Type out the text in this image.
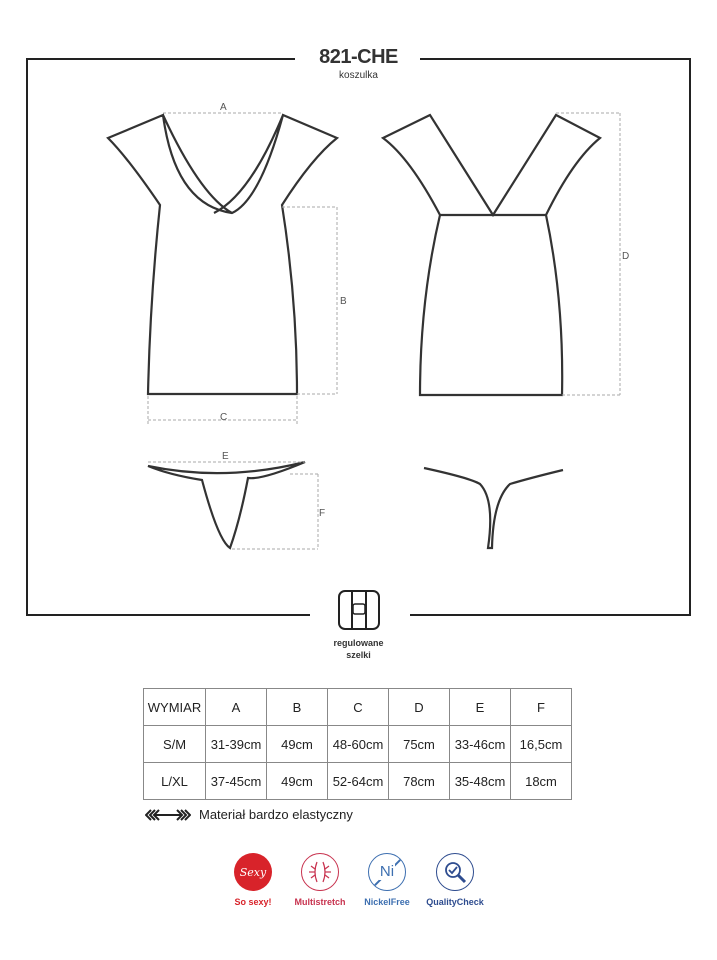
A
B
C
D
E
F
821-CHE
koszulka
regulowane
szelki
WYMIAR	A	B	C	D	E	F
S/M	31-39cm	49cm	48-60cm	75cm	33-46cm	16,5cm
L/XL	37-45cm	49cm	52-64cm	78cm	35-48cm	18cm
Materiał bardzo elastyczny
Sexy
So sexy!	Multistretch
Ni
NickelFree	QualityCheck
